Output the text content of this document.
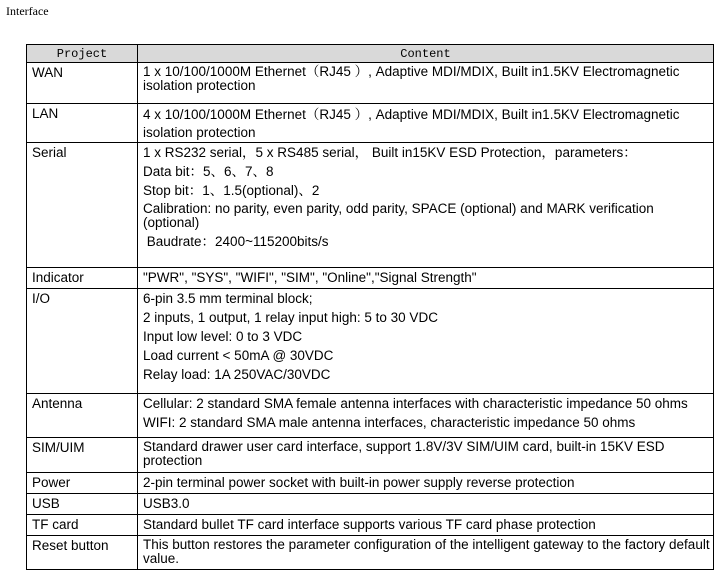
Interface
Project	Content
WAN	1 x 10/100/1000M Ethernet（RJ45 ）, Adaptive MDI/MDIX, Built in1.5KV Electromagnetic isolation protection

LAN	4 x 10/100/1000M Ethernet（RJ45 ）, Adaptive MDI/MDIX, Built in1.5KV Electromagnetic isolation protection

Serial	1 x RS232 serial，5 x RS485 serial， Built in15KV ESD Protection，parameters：
Data bit：5、6、7、8
Stop bit：1、1.5(optional)、2
Calibration: no parity, even parity, odd parity, SPACE (optional) and MARK verification (optional)
Baudrate：2400~115200bits/s

Indicator	"PWR", "SYS", "WIFI", "SIM", "Online","Signal Strength"

I/O	6-pin 3.5 mm terminal block;
2 inputs, 1 output, 1 relay input high: 5 to 30 VDC
Input low level: 0 to 3 VDC
Load current < 50mA @ 30VDC
Relay load: 1A 250VAC/30VDC

Antenna	Cellular: 2 standard SMA female antenna interfaces with characteristic impedance 50 ohms
WIFI: 2 standard SMA male antenna interfaces, characteristic impedance 50 ohms

SIM/UIM	Standard drawer user card interface, support 1.8V/3V SIM/UIM card, built-in 15KV ESD protection

Power	2-pin terminal power socket with built-in power supply reverse protection

USB	USB3.0

TF card	Standard bullet TF card interface supports various TF card phase protection

Reset button	This button restores the parameter configuration of the intelligent gateway to the factory default value.
